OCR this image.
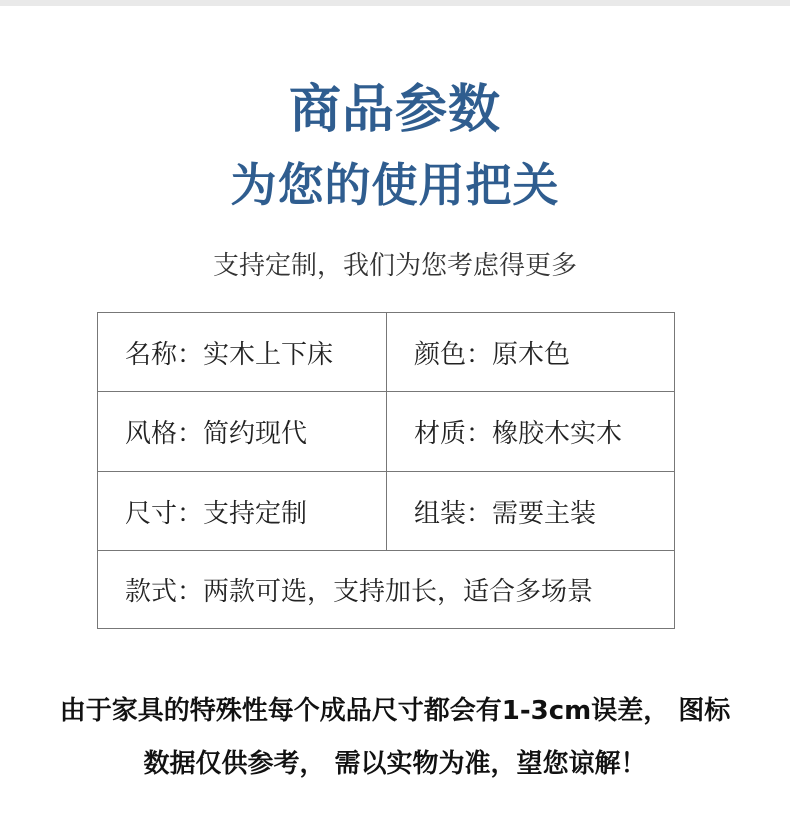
商品参数
为您的使用把关
支持定制，我们为您考虑得更多
名称：实木上下床	颜色：原木色
风格：简约现代	材质：橡胶木实木
尺寸：支持定制	组装：需要主装
款式：两款可选，支持加长，适合多场景
由于家具的特殊性每个成品尺寸都会有1-3cm误差， 图标
数据仅供参考， 需以实物为准，望您谅解！
